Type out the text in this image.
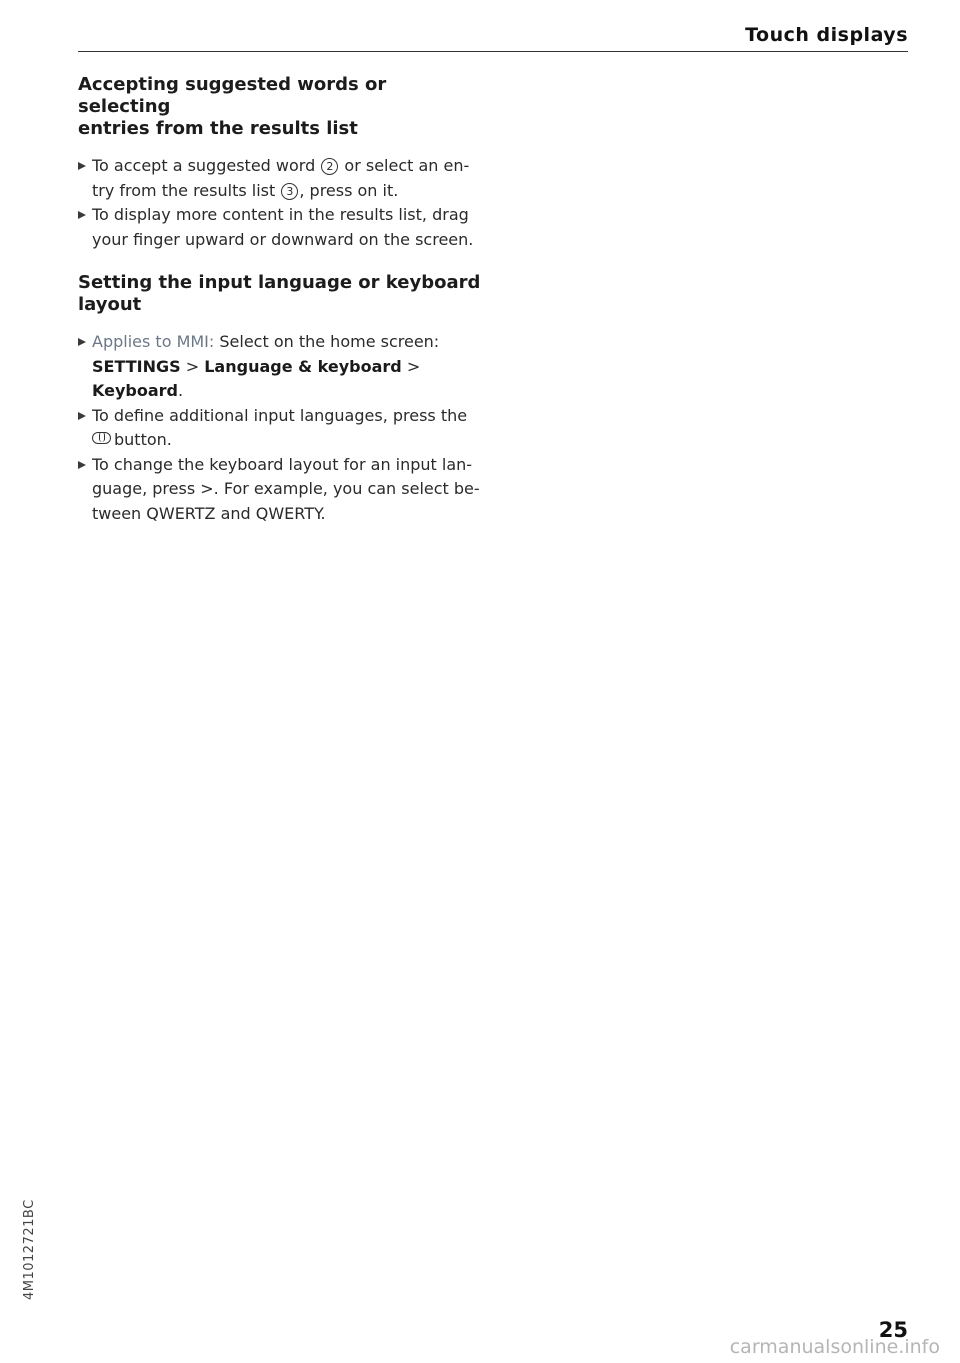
Touch displays
Accepting suggested words or selecting
entries from the results list
To accept a suggested word 2 or select an en-
try from the results list 3 , press on it.
To display more content in the results list, drag
your finger upward or downward on the screen.
Setting the input language or keyboard
layout
Applies to MMI: Select on the home screen:
SETTINGS > Language & keyboard > Keyboard.
To define additional input languages, press the
button.
To change the keyboard layout for an input lan-
guage, press >. For example, you can select be-
tween QWERTZ and QWERTY.
4M1012721BC
25
carmanualsonline.info
